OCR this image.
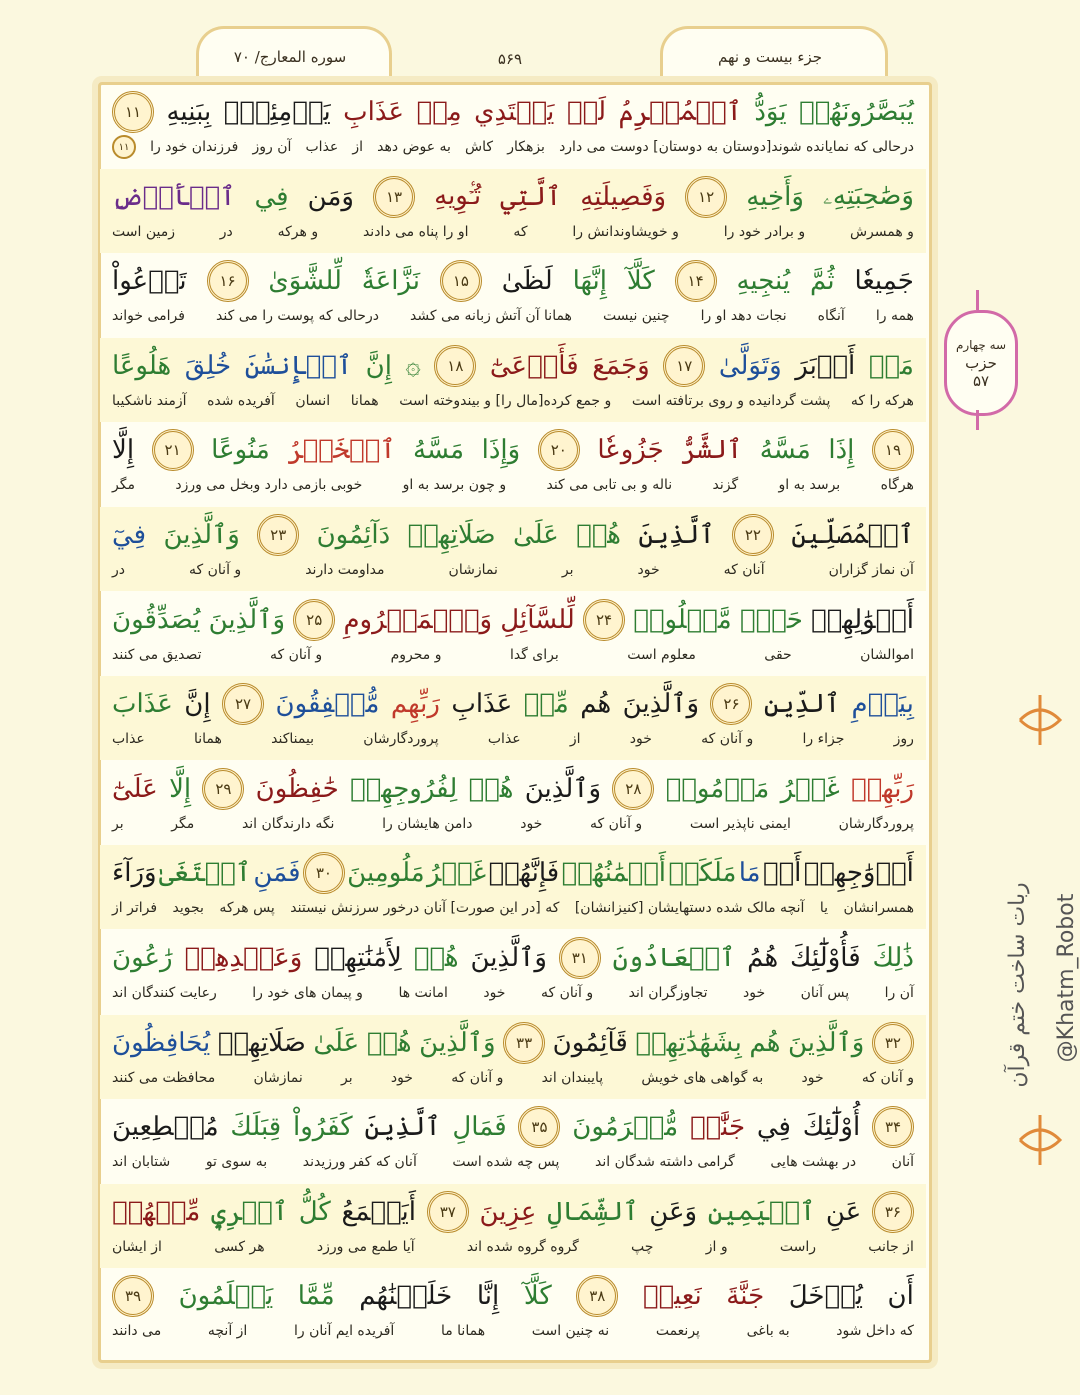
سوره المعارج/ ۷۰	۵۶۹	جزء بیست و نهم
يُبَصَّرُونَهُمۡ
يَوَدُّ
ٱلۡمُجۡرِمُ
لَوۡ
يَفۡتَدِي
مِنۡ
عَذَابِ
يَوۡمِئِذِۭ
بِبَنِيهِ
۱۱
درحالی که نمایانده شوند[دوستان به دوستان] دوست می دارد
بزهکار
کاش
به عوض دهد
از
عذاب
آن روز
فرزندان خود را
۱۱
وَصَٰحِبَتِهِۦ
وَأَخِيهِ
۱۲
وَفَصِيلَتِهِ
ٱلَّتِي
تُـٔۡوِيهِ
۱۳
وَمَن
فِي
ٱلۡأَرۡضِ
و همسرش
و برادر خود را
و خویشاوندانش را
که
او را پناه می دادند
و هرکه
در
زمین است
جَمِيعٗا
ثُمَّ
يُنجِيهِ
۱۴
كَلَّآ
إِنَّهَا
لَظَىٰ
۱۵
نَزَّاعَةٗ
لِّلشَّوَىٰ
۱۶
تَدۡعُواْ
همه را
آنگاه
نجات دهد او را
چنین نیست
همانا آن آتش زبانه می کشد
درحالی که پوست را می کند
فرامی خواند
مَنۡ
أَدۡبَرَ
وَتَوَلَّىٰ
۱۷
وَجَمَعَ
فَأَوۡعَىٰٓ
۱۸
۞
إِنَّ
ٱلۡإِنسَٰنَ
خُلِقَ
هَلُوعًا
هرکه را که
پشت گردانیده و روی برتافته است
و جمع کرده[مال را] و بیندوخته است
همانا
انسان
آفریده شده
آزمند ناشکیبا
۱۹
إِذَا
مَسَّهُ
ٱلشَّرُّ
جَزُوعٗا
۲۰
وَإِذَا
مَسَّهُ
ٱلۡخَيۡرُ
مَنُوعًا
۲۱
إِلَّا
هرگاه
برسد به او
گزند
ناله و بی تابی می کند
و چون برسد به او
خوبی بازمی دارد وبخل می ورزد
مگر
ٱلۡمُصَلِّينَ
۲۲
ٱلَّذِينَ
هُمۡ
عَلَىٰ
صَلَاتِهِمۡ
دَآئِمُونَ
۲۳
وَٱلَّذِينَ
فِيٓ
آن نماز گزاران
آنان که
خود
بر
نمازشان
مداومت دارند
و آنان که
در
أَمۡوَٰلِهِمۡ
حَقّٞ
مَّعۡلُومٞ
۲۴
لِّلسَّآئِلِ
وَٱلۡمَحۡرُومِ
۲۵
وَٱلَّذِينَ
يُصَدِّقُونَ
اموالشان
حقی
معلوم است
برای گدا
و محروم
و آنان که
تصدیق می کنند
بِيَوۡمِ
ٱلدِّينِ
۲۶
وَٱلَّذِينَ
هُم
مِّنۡ
عَذَابِ
رَبِّهِم
مُّشۡفِقُونَ
۲۷
إِنَّ
عَذَابَ
روز
جزاء را
و آنان که
خود
از
عذاب
پروردگارشان
بیمناکند
همانا
عذاب
رَبِّهِمۡ
غَيۡرُ
مَأۡمُونٖ
۲۸
وَٱلَّذِينَ
هُمۡ
لِفُرُوجِهِمۡ
حَٰفِظُونَ
۲۹
إِلَّا
عَلَىٰٓ
پروردگارشان
ایمنی ناپذیر است
و آنان که
خود
دامن هایشان را
نگه دارندگان اند
مگر
بر
أَزۡوَٰجِهِمۡ
أَوۡ
مَا
مَلَكَتۡ
أَيۡمَٰنُهُمۡ
فَإِنَّهُمۡ
غَيۡرُ
مَلُومِينَ
۳۰
فَمَنِ
ٱبۡتَغَىٰ
وَرَآءَ
همسرانشان
یا
آنچه مالک شده دستهایشان [کنیزانشان]
که [در این صورت] آنان درخور سرزنش نیستند
پس هرکه
بجوید
فراتر از
ذَٰلِكَ
فَأُوْلَٰٓئِكَ
هُمُ
ٱلۡعَادُونَ
۳۱
وَٱلَّذِينَ
هُمۡ
لِأَمَٰنَٰتِهِمۡ
وَعَهۡدِهِمۡ
رَٰعُونَ
آن را
پس آنان
خود
تجاوزگران اند
و آنان که
خود
امانت ها
و پیمان های خود را
رعایت کنندگان اند
۳۲
وَٱلَّذِينَ
هُم
بِشَهَٰدَٰتِهِمۡ
قَآئِمُونَ
۳۳
وَٱلَّذِينَ
هُمۡ
عَلَىٰ
صَلَاتِهِمۡ
يُحَافِظُونَ
و آنان که
خود
به گواهی های خویش
پایبندان اند
و آنان که
خود
بر
نمازشان
محافظت می کنند
۳۴
أُوْلَٰٓئِكَ
فِي
جَنَّٰتٖ
مُّكۡرَمُونَ
۳۵
فَمَالِ
ٱلَّذِينَ
كَفَرُواْ
قِبَلَكَ
مُهۡطِعِينَ
آنان
در بهشت هایی
گرامی داشته شدگان اند
پس چه شده است
آنان که کفر ورزیدند
به سوی تو
شتابان اند
۳۶
عَنِ
ٱلۡيَمِينِ
وَعَنِ
ٱلشِّمَالِ
عِزِينَ
۳۷
أَيَطۡمَعُ
كُلُّ
ٱمۡرِيٕٖ
مِّنۡهُمۡ
از جانب
راست
و از
چپ
گروه گروه شده اند
آیا طمع می ورزد
هر کسی
از ایشان
أَن
يُدۡخَلَ
جَنَّةَ
نَعِيمٖ
۳۸
كَلَّآ
إِنَّا
خَلَقۡنَٰهُم
مِّمَّا
يَعۡلَمُونَ
۳۹
که داخل شود
به باغی
پرنعمت
نه چنین است
همانا ما
آفریده ایم آنان را
از آنچه
می دانند
سه چهارم
حزب
۵۷
ربات ساخت ختم قرآن @Khatm_Robot
